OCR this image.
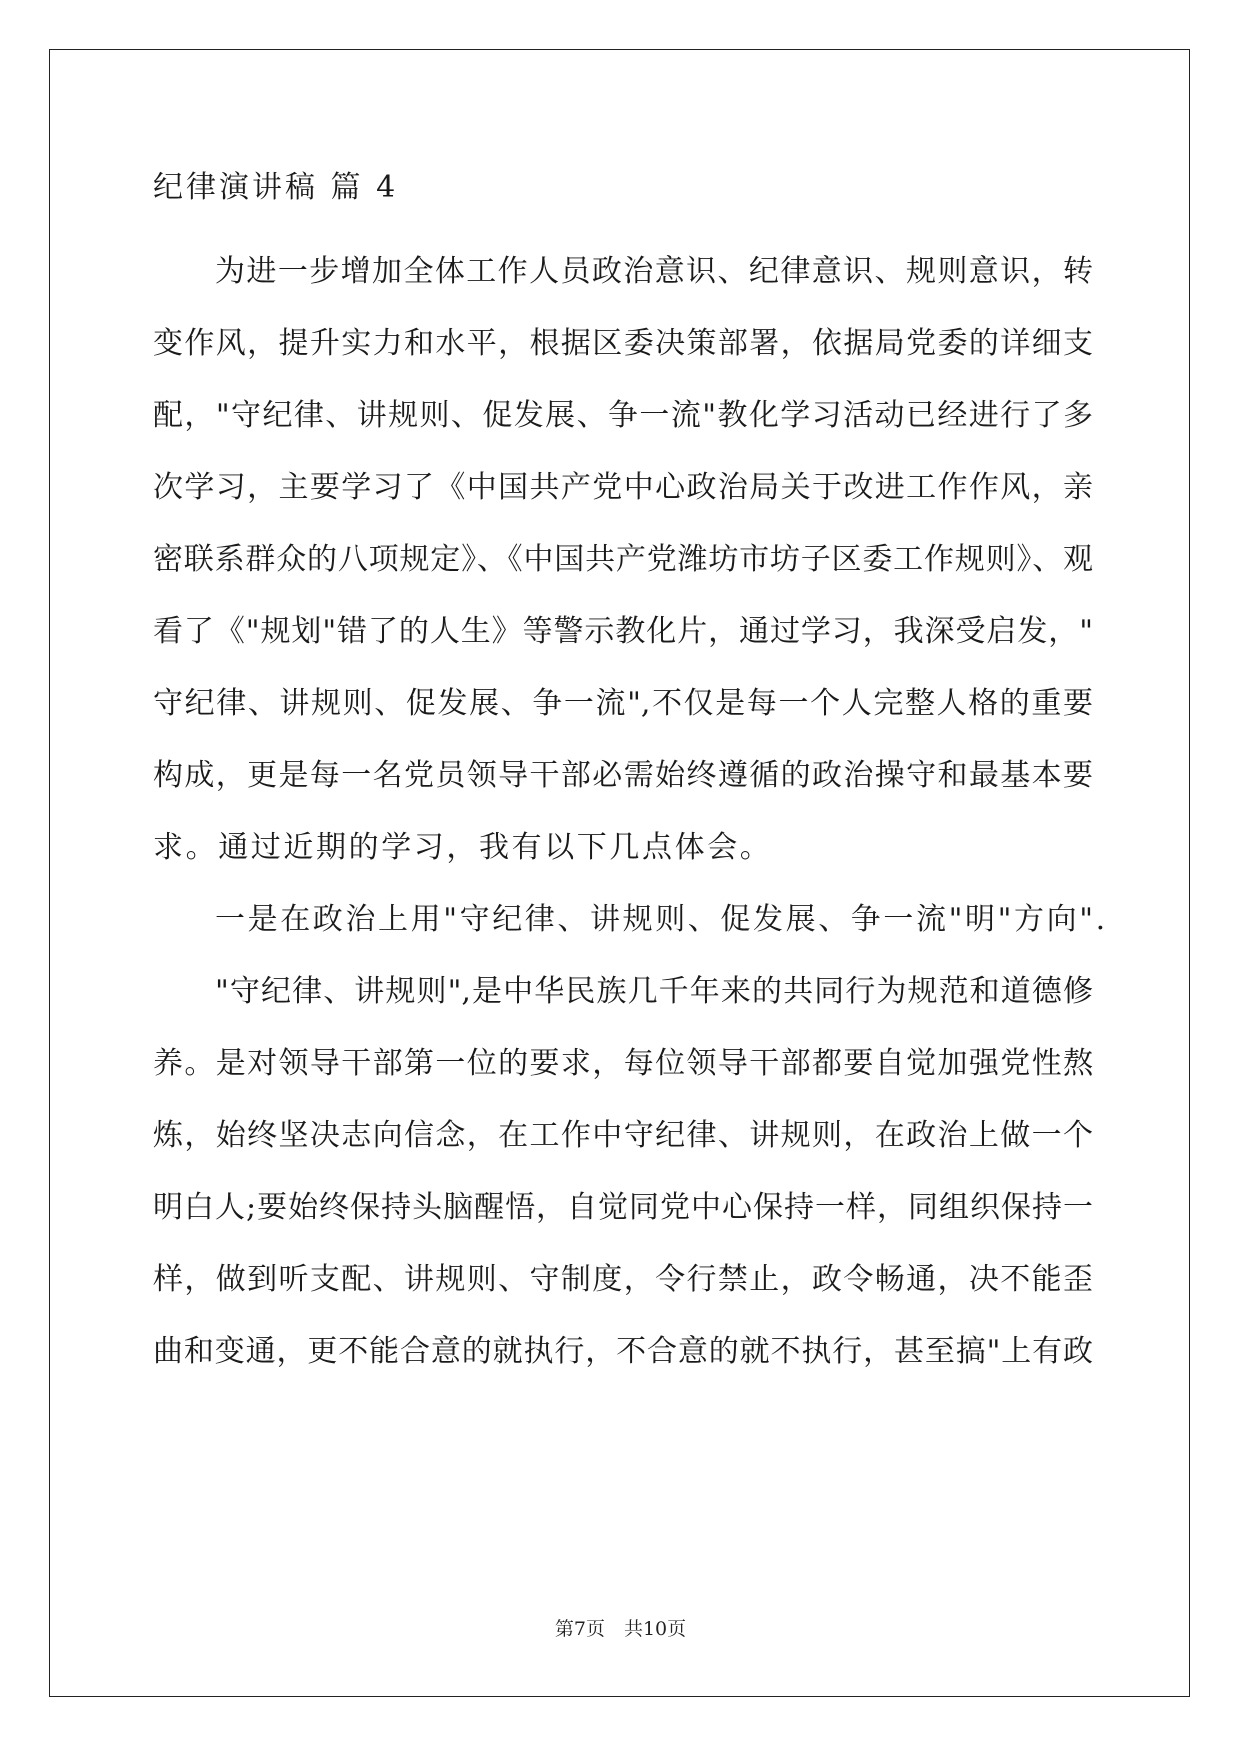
纪律演讲稿 篇 4
为进一步增加全体工作人员政治意识、纪律意识、规则意识，转
变作风，提升实力和水平，根据区委决策部署，依据局党委的详细支
配，"守纪律、讲规则、促发展、争一流"教化学习活动已经进行了多
次学习，主要学习了《中国共产党中心政治局关于改进工作作风，亲
密联系群众的八项规定》、《中国共产党潍坊市坊子区委工作规则》、观
看了《"规划"错了的人生》等警示教化片，通过学习，我深受启发，"
守纪律、讲规则、促发展、争一流",不仅是每一个人完整人格的重要
构成，更是每一名党员领导干部必需始终遵循的政治操守和最基本要
求。通过近期的学习，我有以下几点体会。
一是在政治上用"守纪律、讲规则、促发展、争一流"明"方向".
"守纪律、讲规则",是中华民族几千年来的共同行为规范和道德修
养。是对领导干部第一位的要求，每位领导干部都要自觉加强党性熬
炼，始终坚决志向信念，在工作中守纪律、讲规则，在政治上做一个
明白人;要始终保持头脑醒悟，自觉同党中心保持一样，同组织保持一
样，做到听支配、讲规则、守制度，令行禁止，政令畅通，决不能歪
曲和变通，更不能合意的就执行，不合意的就不执行，甚至搞"上有政
第7页　共10页
